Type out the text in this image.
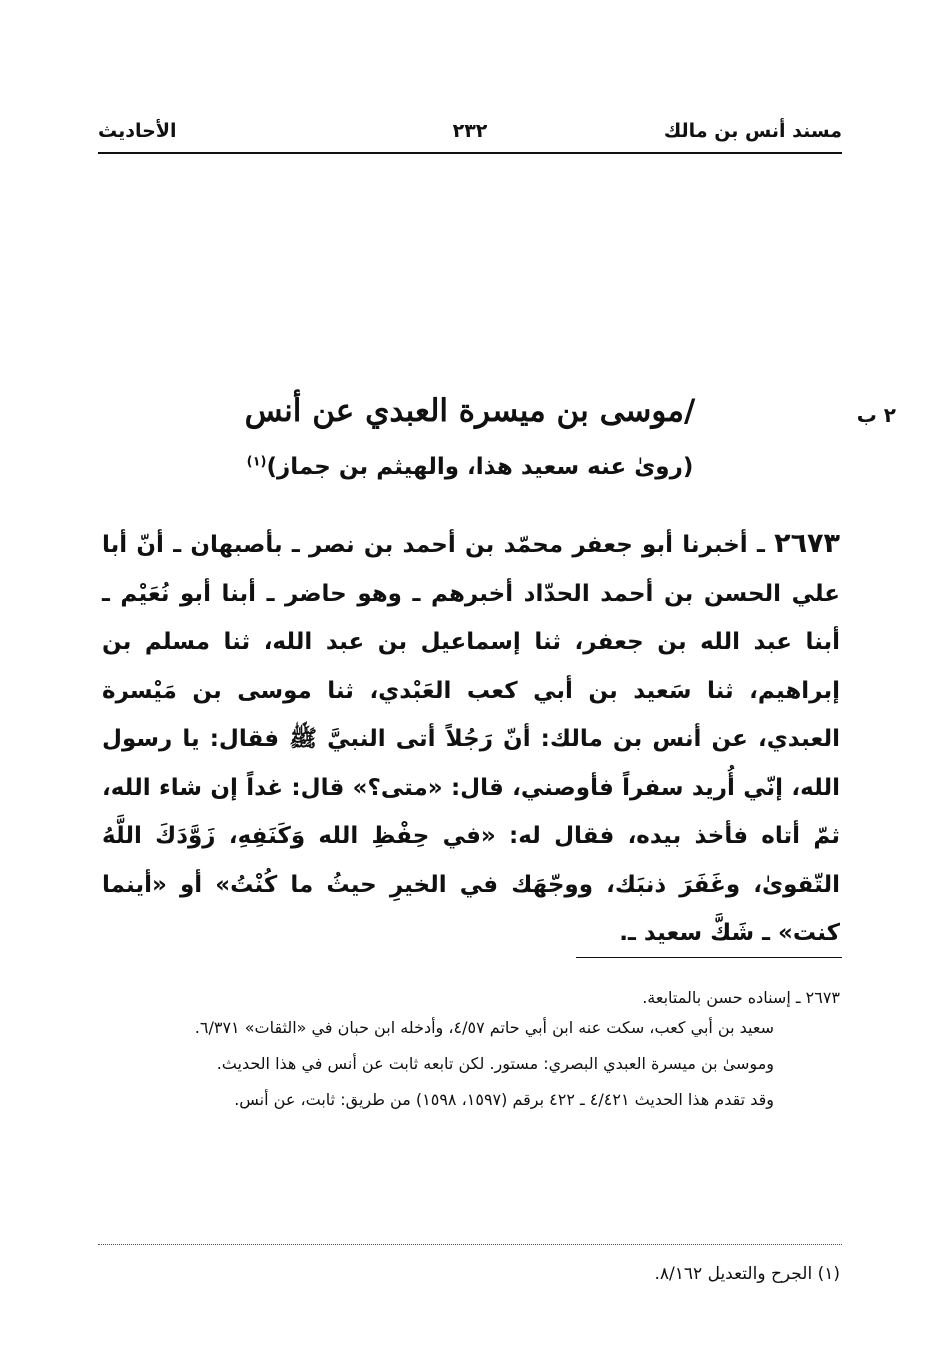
مسند أنس بن مالك
٢٣٢
الأحاديث
٢ ب
/موسى بن ميسرة العبدي عن أنس
(روىٰ عنه سعيد هذا، والهيثم بن جماز)$^{(١)}$
٢٦٧٣ ـ أخبرنا أبو جعفر محمّد بن أحمد بن نصر ـ بأصبهان ـ أنّ أبا علي الحسن بن أحمد الحدّاد أخبرهم ـ وهو حاضر ـ أبنا أبو نُعَيْم ـ أبنا عبد الله بن جعفر، ثنا إسماعيل بن عبد الله، ثنا مسلم بن إبراهيم، ثنا سَعيد بن أبي كعب العَبْدي، ثنا موسى بن مَيْسرة العبدي، عن أنس بن مالك: أنّ رَجُلاً أتى النبيَّ ﷺ فقال: يا رسول الله، إنّي أُريد سفراً فأوصني، قال: «متى؟» قال: غداً إن شاء الله، ثمّ أتاه فأخذ بيده، فقال له: «في حِفْظِ الله وَكَنَفِهِ، زَوَّدَكَ اللَّهُ التّقوىٰ، وغَفَرَ ذنبَك، ووجّهَك في الخيرِ حيثُ ما كُنْتُ» أو «أينما كنت» ـ شَكَّ سعيد ـ.

٢٦٧٣ ـ إسناده حسن بالمتابعة.

سعيد بن أبي كعب، سكت عنه ابن أبي حاتم ٤/٥٧، وأدخله ابن حبان في «الثقات» ٦/٣٧١.

وموسىٰ بن ميسرة العبدي البصري: مستور. لكن تابعه ثابت عن أنس في هذا الحديث.

وقد تقدم هذا الحديث ٤/٤٢١ ـ ٤٢٢ برقم (١٥٩٧، ١٥٩٨) من طريق: ثابت، عن أنس.

(١) الجرح والتعديل ٨/١٦٢.
